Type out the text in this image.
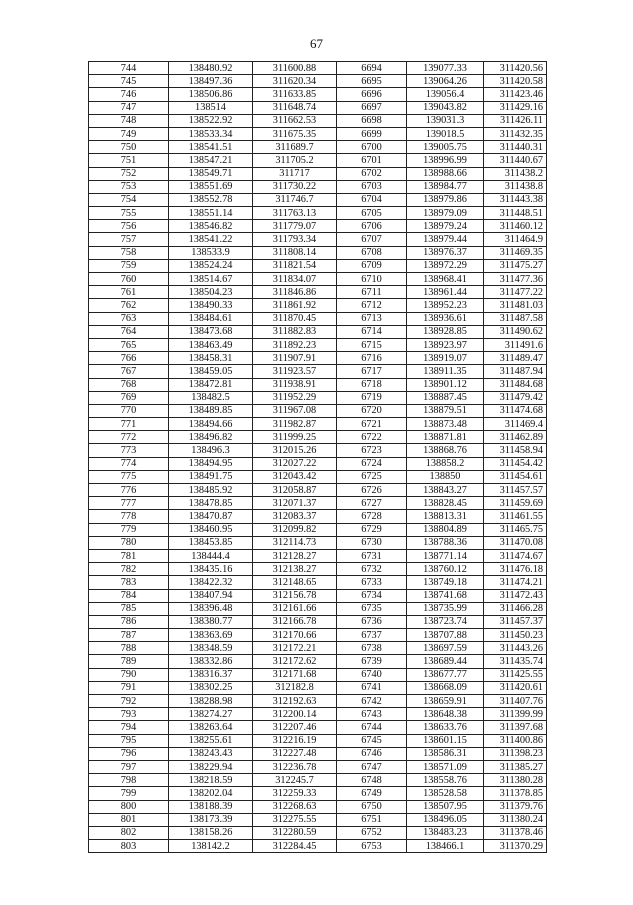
67
744	138480.92	311600.88	6694	139077.33	311420.56
745	138497.36	311620.34	6695	139064.26	311420.58
746	138506.86	311633.85	6696	139056.4	311423.46
747	138514	311648.74	6697	139043.82	311429.16
748	138522.92	311662.53	6698	139031.3	311426.11
749	138533.34	311675.35	6699	139018.5	311432.35
750	138541.51	311689.7	6700	139005.75	311440.31
751	138547.21	311705.2	6701	138996.99	311440.67
752	138549.71	311717	6702	138988.66	311438.2
753	138551.69	311730.22	6703	138984.77	311438.8
754	138552.78	311746.7	6704	138979.86	311443.38
755	138551.14	311763.13	6705	138979.09	311448.51
756	138546.82	311779.07	6706	138979.24	311460.12
757	138541.22	311793.34	6707	138979.44	311464.9
758	138533.9	311808.14	6708	138976.37	311469.35
759	138524.24	311821.54	6709	138972.29	311475.27
760	138514.67	311834.07	6710	138968.41	311477.36
761	138504.23	311846.86	6711	138961.44	311477.22
762	138490.33	311861.92	6712	138952.23	311481.03
763	138484.61	311870.45	6713	138936.61	311487.58
764	138473.68	311882.83	6714	138928.85	311490.62
765	138463.49	311892.23	6715	138923.97	311491.6
766	138458.31	311907.91	6716	138919.07	311489.47
767	138459.05	311923.57	6717	138911.35	311487.94
768	138472.81	311938.91	6718	138901.12	311484.68
769	138482.5	311952.29	6719	138887.45	311479.42
770	138489.85	311967.08	6720	138879.51	311474.68
771	138494.66	311982.87	6721	138873.48	311469.4
772	138496.82	311999.25	6722	138871.81	311462.89
773	138496.3	312015.26	6723	138868.76	311458.94
774	138494.95	312027.22	6724	138858.2	311454.42
775	138491.75	312043.42	6725	138850	311454.61
776	138485.92	312058.87	6726	138843.27	311457.57
777	138478.85	312071.37	6727	138828.45	311459.69
778	138470.87	312083.37	6728	138813.31	311461.55
779	138460.95	312099.82	6729	138804.89	311465.75
780	138453.85	312114.73	6730	138788.36	311470.08
781	138444.4	312128.27	6731	138771.14	311474.67
782	138435.16	312138.27	6732	138760.12	311476.18
783	138422.32	312148.65	6733	138749.18	311474.21
784	138407.94	312156.78	6734	138741.68	311472.43
785	138396.48	312161.66	6735	138735.99	311466.28
786	138380.77	312166.78	6736	138723.74	311457.37
787	138363.69	312170.66	6737	138707.88	311450.23
788	138348.59	312172.21	6738	138697.59	311443.26
789	138332.86	312172.62	6739	138689.44	311435.74
790	138316.37	312171.68	6740	138677.77	311425.55
791	138302.25	312182.8	6741	138668.09	311420.61
792	138288.98	312192.63	6742	138659.91	311407.76
793	138274.27	312200.14	6743	138648.38	311399.99
794	138263.64	312207.46	6744	138633.76	311397.68
795	138255.61	312216.19	6745	138601.15	311400.86
796	138243.43	312227.48	6746	138586.31	311398.23
797	138229.94	312236.78	6747	138571.09	311385.27
798	138218.59	312245.7	6748	138558.76	311380.28
799	138202.04	312259.33	6749	138528.58	311378.85
800	138188.39	312268.63	6750	138507.95	311379.76
801	138173.39	312275.55	6751	138496.05	311380.24
802	138158.26	312280.59	6752	138483.23	311378.46
803	138142.2	312284.45	6753	138466.1	311370.29
